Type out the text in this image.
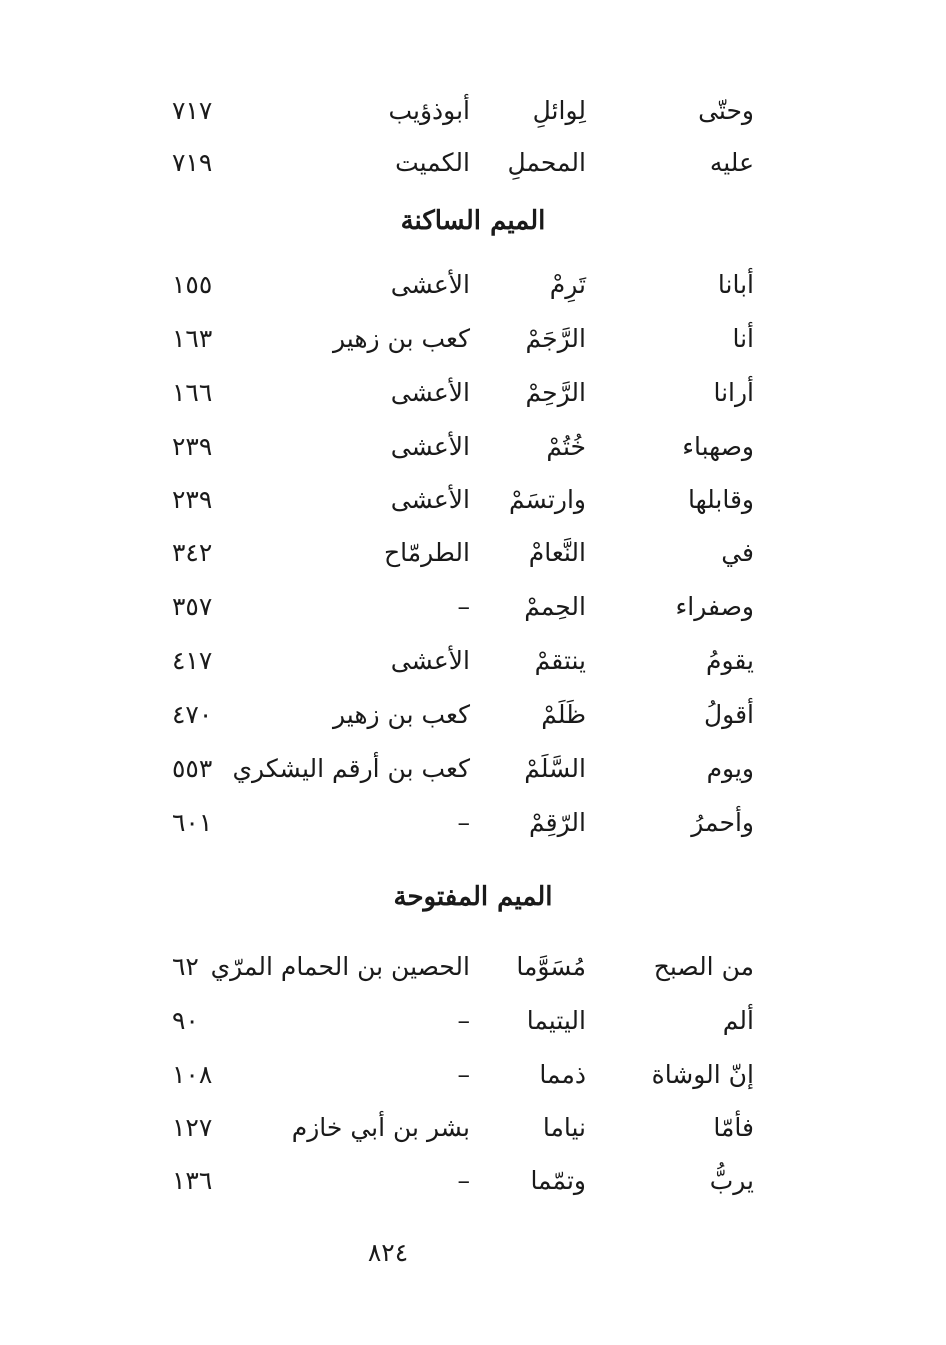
وحتّى
لِوائلِ
أبوذؤيب
٧١٧
عليه
المحملِ
الكميت
٧١٩
الميم الساكنة
أبانا
تَرِمْ
الأعشى
١٥٥
أنا
الرَّجَمْ
كعب بن زهير
١٦٣
أرانا
الرَّحِمْ
الأعشى
١٦٦
وصهباء
خُتُمْ
الأعشى
٢٣٩
وقابلها
وارتسَمْ
الأعشى
٢٣٩
في
النَّعامْ
الطرمّاح
٣٤٢
وصفراء
الحِممْ
–
٣٥٧
يقومُ
ينتقمْ
الأعشى
٤١٧
أقولُ
ظَلَمْ
كعب بن زهير
٤٧٠
ويوم
السَّلَمْ
كعب بن أرقم اليشكري
٥٥٣
وأحمرُ
الرّقِمْ
–
٦٠١
الميم المفتوحة
من الصبح
مُسَوَّما
الحصين بن الحمام المرّي
٦٢
ألم
اليتيما
–
٩٠
إنّ الوشاة
ذمما
–
١٠٨
فأمّا
نياما
بشر بن أبي خازم
١٢٧
يربُّ
وتمّما
–
١٣٦
٨٢٤
